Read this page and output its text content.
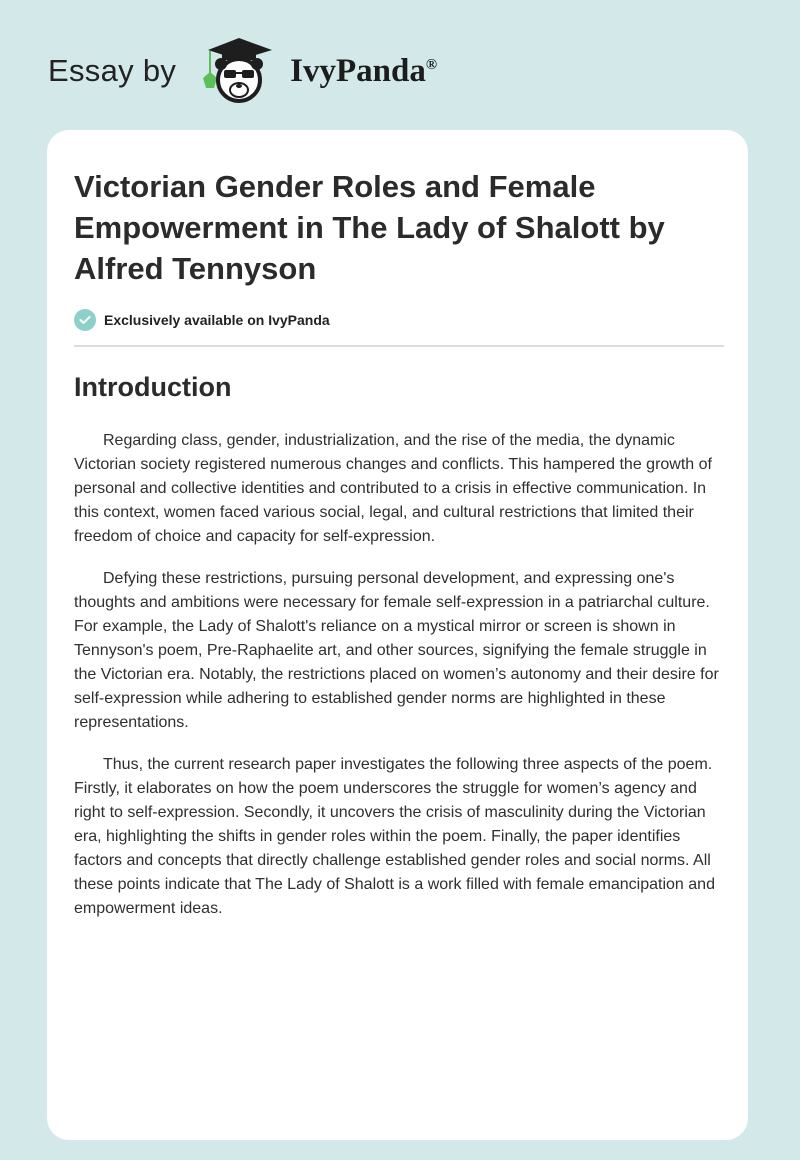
Essay by	IvyPanda®
Victorian Gender Roles and Female Empowerment in The Lady of Shalott by Alfred Tennyson
Exclusively available on IvyPanda
Introduction

Regarding class, gender, industrialization, and the rise of the media, the dynamic Victorian society registered numerous changes and conflicts. This hampered the growth of personal and collective identities and contributed to a crisis in effective communication. In this context, women faced various social, legal, and cultural restrictions that limited their freedom of choice and capacity for self-expression.

Defying these restrictions, pursuing personal development, and expressing one's thoughts and ambitions were necessary for female self-expression in a patriarchal culture. For example, the Lady of Shalott's reliance on a mystical mirror or screen is shown in Tennyson's poem, Pre-Raphaelite art, and other sources, signifying the female struggle in the Victorian era. Notably, the restrictions placed on women’s autonomy and their desire for self-expression while adhering to established gender norms are highlighted in these representations.

Thus, the current research paper investigates the following three aspects of the poem. Firstly, it elaborates on how the poem underscores the struggle for women’s agency and right to self-expression. Secondly, it uncovers the crisis of masculinity during the Victorian era, highlighting the shifts in gender roles within the poem. Finally, the paper identifies factors and concepts that directly challenge established gender roles and social norms. All these points indicate that The Lady of Shalott is a work filled with female emancipation and empowerment ideas.
